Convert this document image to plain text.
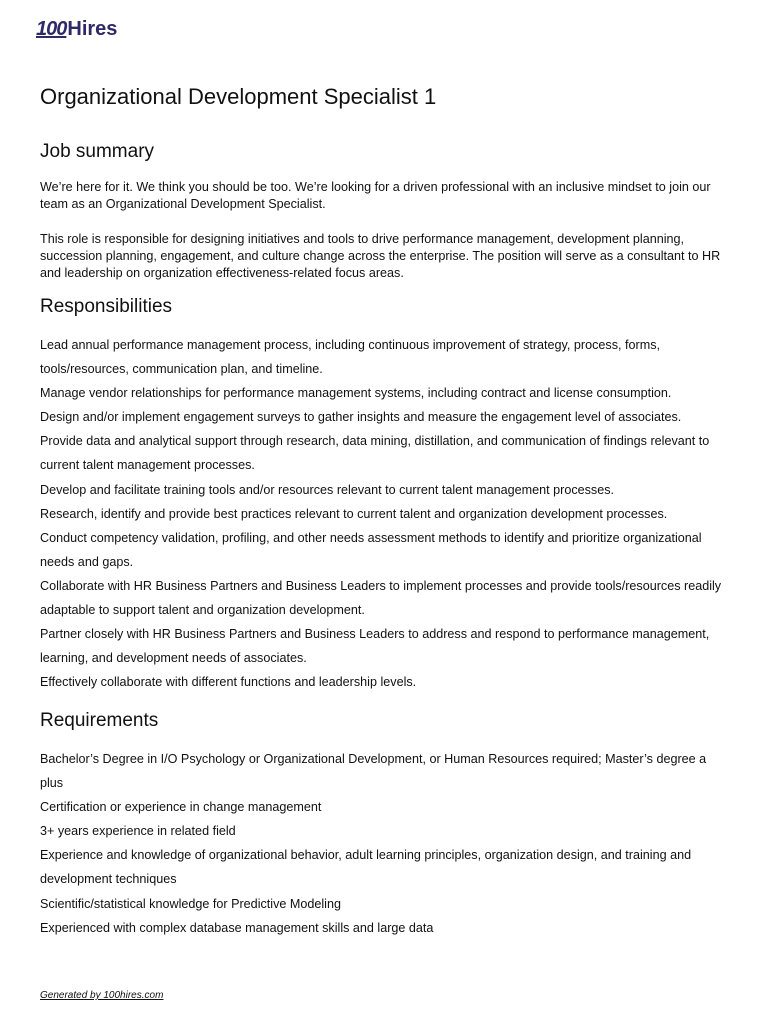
100 Hires
Organizational Development Specialist 1
Job summary

We’re here for it. We think you should be too. We’re looking for a driven professional with an inclusive mindset to join our team as an Organizational Development Specialist.

This role is responsible for designing initiatives and tools to drive performance management, development planning, succession planning, engagement, and culture change across the enterprise. The position will serve as a consultant to HR and leadership on organization effectiveness-related focus areas.

Responsibilities
Lead annual performance management process, including continuous improvement of strategy, process, forms, tools/resources, communication plan, and timeline.
Manage vendor relationships for performance management systems, including contract and license consumption.
Design and/or implement engagement surveys to gather insights and measure the engagement level of associates.
Provide data and analytical support through research, data mining, distillation, and communication of findings relevant to current talent management processes.
Develop and facilitate training tools and/or resources relevant to current talent management processes.
Research, identify and provide best practices relevant to current talent and organization development processes.
Conduct competency validation, profiling, and other needs assessment methods to identify and prioritize organizational needs and gaps.
Collaborate with HR Business Partners and Business Leaders to implement processes and provide tools/resources readily adaptable to support talent and organization development.
Partner closely with HR Business Partners and Business Leaders to address and respond to performance management, learning, and development needs of associates.
Effectively collaborate with different functions and leadership levels.
Requirements
Bachelor’s Degree in I/O Psychology or Organizational Development, or Human Resources required; Master’s degree a plus
Certification or experience in change management
3+ years experience in related field
Experience and knowledge of organizational behavior, adult learning principles, organization design, and training and development techniques
Scientific/statistical knowledge for Predictive Modeling
Experienced with complex database management skills and large data
Generated by 100hires.com
